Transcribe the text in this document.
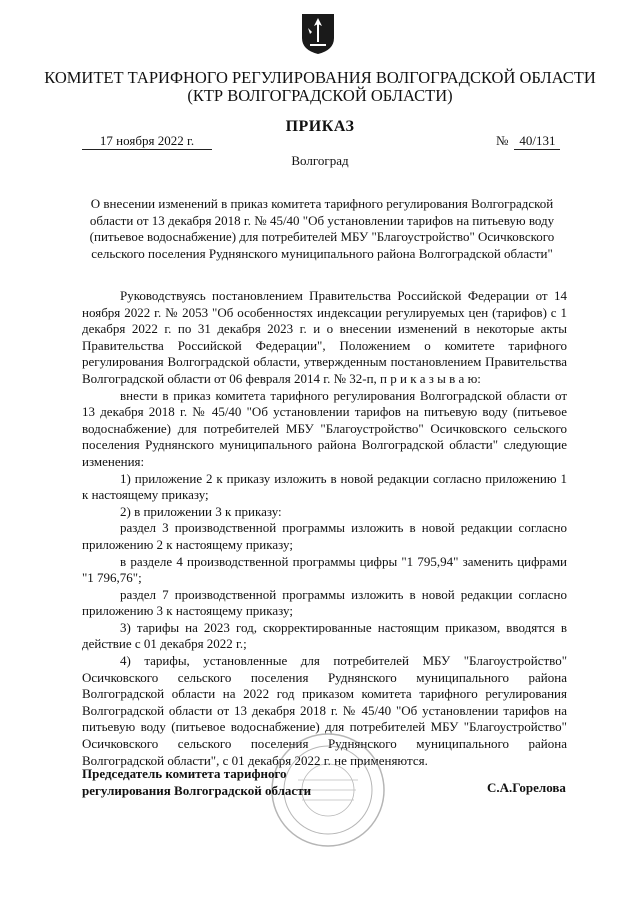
КОМИТЕТ ТАРИФНОГО РЕГУЛИРОВАНИЯ ВОЛГОГРАДСКОЙ ОБЛАСТИ
(КТР ВОЛГОГРАДСКОЙ ОБЛАСТИ)
ПРИКАЗ
17 ноября 2022 г.	№ 40/131
Волгоград
О внесении изменений в приказ комитета тарифного регулирования Волгоградской области от 13 декабря 2018 г. № 45/40 "Об установлении тарифов на питьевую воду (питьевое водоснабжение) для потребителей МБУ "Благоустройство" Осичковского сельского поселения Руднянского муниципального района Волгоградской области"

Руководствуясь постановлением Правительства Российской Федерации от 14 ноября 2022 г. № 2053 "Об особенностях индексации регулируемых цен (тарифов) с 1 декабря 2022 г. по 31 декабря 2023 г. и о внесении изменений в некоторые акты Правительства Российской Федерации", Положением о комитете тарифного регулирования Волгоградской области, утвержденным постановлением Правительства Волгоградской области от 06 февраля 2014 г. № 32-п, п р и к а з ы в а ю:

внести в приказ комитета тарифного регулирования Волгоградской области от 13 декабря 2018 г. № 45/40 "Об установлении тарифов на питьевую воду (питьевое водоснабжение) для потребителей МБУ "Благоустройство" Осичковского сельского поселения Руднянского муниципального района Волгоградской области" следующие изменения:

1) приложение 2 к приказу изложить в новой редакции согласно приложению 1 к настоящему приказу;

2) в приложении 3 к приказу:

раздел 3 производственной программы изложить в новой редакции согласно приложению 2 к настоящему приказу;

в разделе 4 производственной программы цифры "1 795,94" заменить цифрами "1 796,76";

раздел 7 производственной программы изложить в новой редакции согласно приложению 3 к настоящему приказу;

3) тарифы на 2023 год, скорректированные настоящим приказом, вводятся в действие с 01 декабря 2022 г.;

4) тарифы, установленные для потребителей МБУ "Благоустройство" Осичковского сельского поселения Руднянского муниципального района Волгоградской области на 2022 год приказом комитета тарифного регулирования Волгоградской области от 13 декабря 2018 г. № 45/40 "Об установлении тарифов на питьевую воду (питьевое водоснабжение) для потребителей МБУ "Благоустройство" Осичковского сельского поселения Руднянского муниципального района Волгоградской области", с 01 декабря 2022 г. не применяются.

Председатель комитета тарифного
регулирования Волгоградской области	С.А.Горелова
